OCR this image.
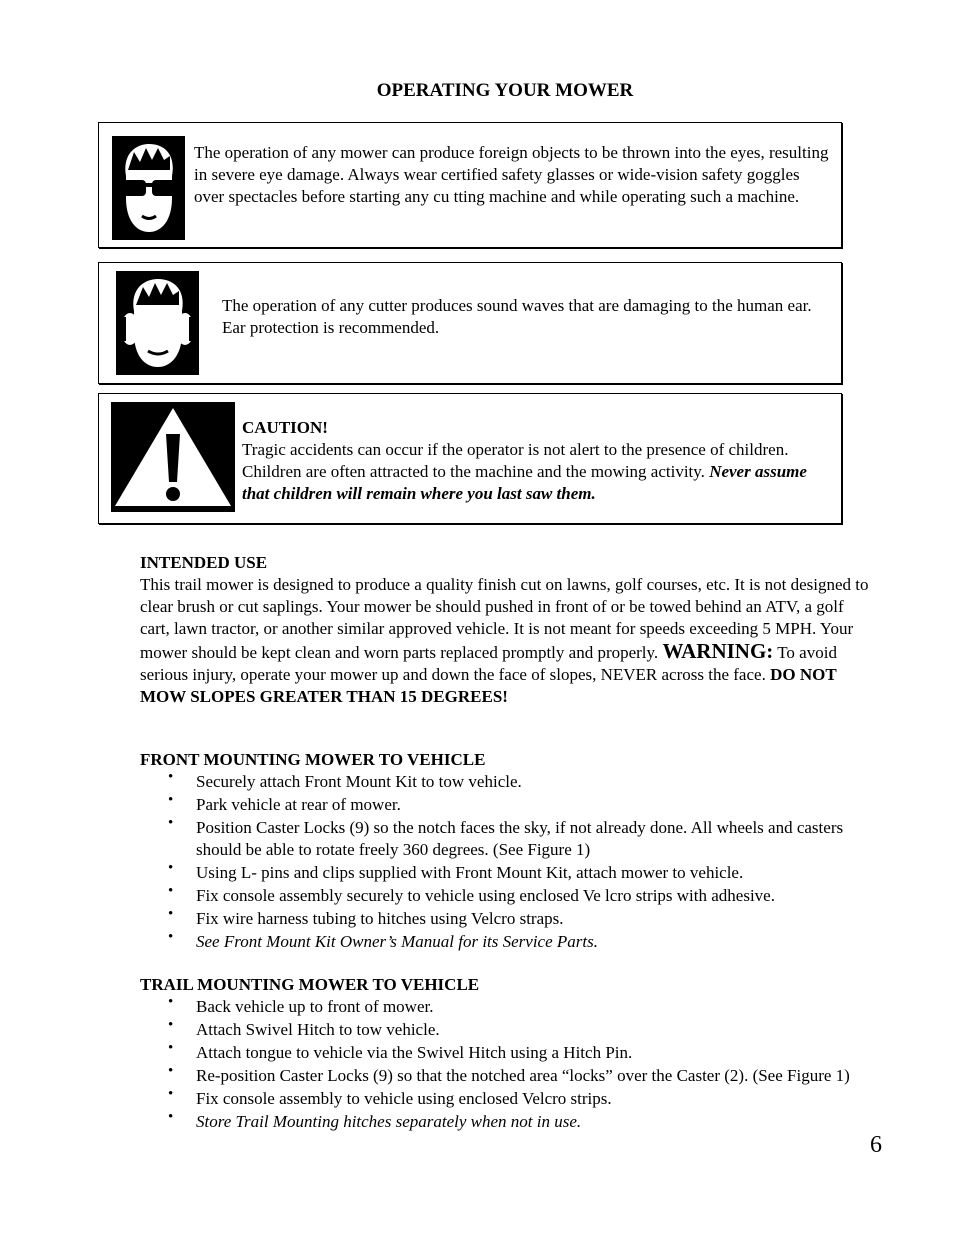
OPERATING YOUR MOWER
The operation of any mower can produce foreign objects to be thrown into the eyes, resulting in severe eye damage. Always wear certified safety glasses or wide-vision safety goggles over spectacles before starting any cu tting machine and while operating such a machine.
The operation of any cutter produces sound waves that are damaging to the human ear. Ear protection is recommended.
CAUTION!
Tragic accidents can occur if the operator is not alert to the presence of children. Children are often attracted to the machine and the mowing activity. Never assume that children will remain where you last saw them.
INTENDED USE
This trail mower is designed to produce a quality finish cut on lawns, golf courses, etc. It is not designed to clear brush or cut saplings. Your mower be should pushed in front of or be towed behind an ATV, a golf cart, lawn tractor, or another similar approved vehicle. It is not meant for speeds exceeding 5 MPH. Your mower should be kept clean and worn parts replaced promptly and properly. WARNING: To avoid serious injury, operate your mower up and down the face of slopes, NEVER across the face. DO NOT MOW SLOPES GREATER THAN 15 DEGREES!
FRONT MOUNTING MOWER TO VEHICLE
• Securely attach Front Mount Kit to tow vehicle.
• Park vehicle at rear of mower.
• Position Caster Locks (9) so the notch faces the sky, if not already done. All wheels and casters should be able to rotate freely 360 degrees. (See Figure 1)
• Using L- pins and clips supplied with Front Mount Kit, attach mower to vehicle.
• Fix console assembly securely to vehicle using enclosed Ve lcro strips with adhesive.
• Fix wire harness tubing to hitches using Velcro straps.
• See Front Mount Kit Owner’s Manual for its Service Parts.
TRAIL MOUNTING MOWER TO VEHICLE
• Back vehicle up to front of mower.
• Attach Swivel Hitch to tow vehicle.
• Attach tongue to vehicle via the Swivel Hitch using a Hitch Pin.
• Re-position Caster Locks (9) so that the notched area “locks” over the Caster (2). (See Figure 1)
• Fix console assembly to vehicle using enclosed Velcro strips.
• Store Trail Mounting hitches separately when not in use.
6
